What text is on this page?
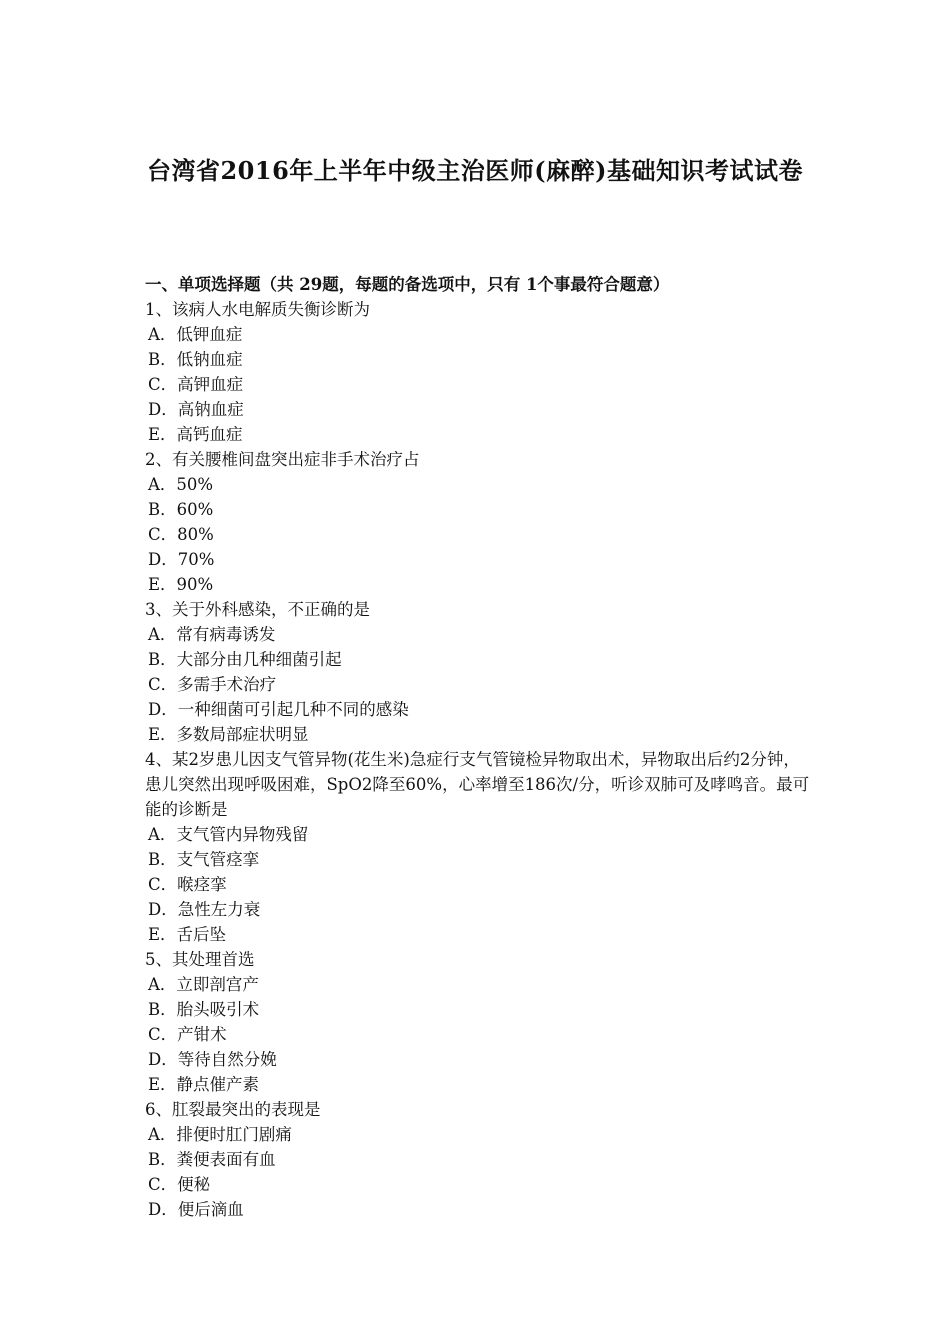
台湾省2016年上半年中级主治医师(麻醉)基础知识考试试卷
一、单项选择题（共 29题，每题的备选项中，只有 1个事最符合题意）
1、该病人水电解质失衡诊断为
A．低钾血症
B．低钠血症
C．高钾血症
D．高钠血症
E．高钙血症
2、有关腰椎间盘突出症非手术治疗占
A．50%
B．60%
C．80%
D．70%
E．90%
3、关于外科感染，不正确的是
A．常有病毒诱发
B．大部分由几种细菌引起
C．多需手术治疗
D．一种细菌可引起几种不同的感染
E．多数局部症状明显
4、某2岁患儿因支气管异物(花生米)急症行支气管镜检异物取出术，异物取出后约2分钟，患儿突然出现呼吸困难，SpO2降至60%，心率增至186次/分，听诊双肺可及哮鸣音。最可能的诊断是
A．支气管内异物残留
B．支气管痉挛
C．喉痉挛
D．急性左力衰
E．舌后坠
5、其处理首选
A．立即剖宫产
B．胎头吸引术
C．产钳术
D．等待自然分娩
E．静点催产素
6、肛裂最突出的表现是
A．排便时肛门剧痛
B．粪便表面有血
C．便秘
D．便后滴血
